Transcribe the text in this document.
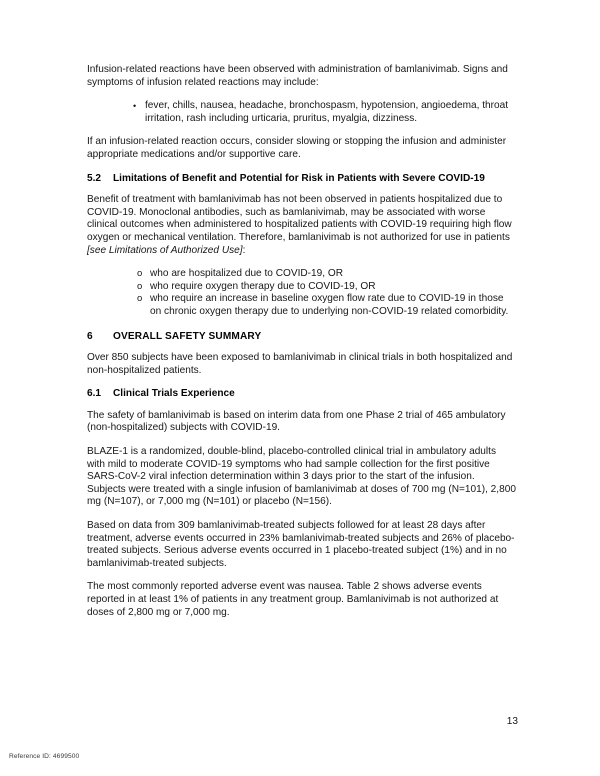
Infusion-related reactions have been observed with administration of bamlanivimab. Signs and symptoms of infusion related reactions may include:

• fever, chills, nausea, headache, bronchospasm, hypotension, angioedema, throat irritation, rash including urticaria, pruritus, myalgia, dizziness.

If an infusion-related reaction occurs, consider slowing or stopping the infusion and administer appropriate medications and/or supportive care.

5.2 Limitations of Benefit and Potential for Risk in Patients with Severe COVID-19

Benefit of treatment with bamlanivimab has not been observed in patients hospitalized due to COVID-19. Monoclonal antibodies, such as bamlanivimab, may be associated with worse clinical outcomes when administered to hospitalized patients with COVID-19 requiring high flow oxygen or mechanical ventilation. Therefore, bamlanivimab is not authorized for use in patients [see Limitations of Authorized Use]:

o who are hospitalized due to COVID-19, OR
o who require oxygen therapy due to COVID-19, OR
o who require an increase in baseline oxygen flow rate due to COVID-19 in those on chronic oxygen therapy due to underlying non-COVID-19 related comorbidity.
6 OVERALL SAFETY SUMMARY

Over 850 subjects have been exposed to bamlanivimab in clinical trials in both hospitalized and non-hospitalized patients.

6.1 Clinical Trials Experience

The safety of bamlanivimab is based on interim data from one Phase 2 trial of 465 ambulatory (non-hospitalized) subjects with COVID-19.

BLAZE-1 is a randomized, double-blind, placebo-controlled clinical trial in ambulatory adults with mild to moderate COVID-19 symptoms who had sample collection for the first positive SARS-CoV-2 viral infection determination within 3 days prior to the start of the infusion. Subjects were treated with a single infusion of bamlanivimab at doses of 700 mg (N=101), 2,800 mg (N=107), or 7,000 mg (N=101) or placebo (N=156).

Based on data from 309 bamlanivimab-treated subjects followed for at least 28 days after treatment, adverse events occurred in 23% bamlanivimab-treated subjects and 26% of placebo-treated subjects. Serious adverse events occurred in 1 placebo-treated subject (1%) and in no bamlanivimab-treated subjects.

The most commonly reported adverse event was nausea. Table 2 shows adverse events reported in at least 1% of patients in any treatment group. Bamlanivimab is not authorized at doses of 2,800 mg or 7,000 mg.

13
Reference ID: 4699500
